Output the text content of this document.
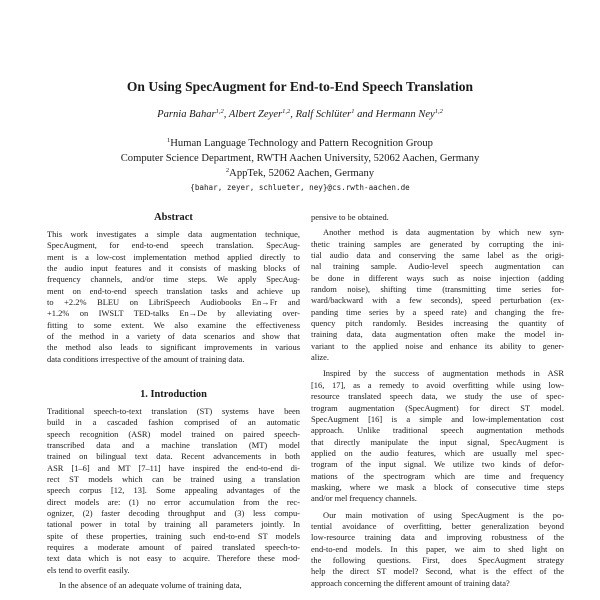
On Using SpecAugment for End-to-End Speech Translation
Parnia Bahar$^{1,2}$, Albert Zeyer$^{1,2}$, Ralf Schlüter$^1$ and Hermann Ney$^{1,2}$
$^1$Human Language Technology and Pattern Recognition Group
Computer Science Department, RWTH Aachen University, 52062 Aachen, Germany
$^2$AppTek, 52062 Aachen, Germany
{bahar, zeyer, schlueter, ney}@cs.rwth-aachen.de
Abstract
This work investigates a simple data augmentation technique,
SpecAugment, for end-to-end speech translation. SpecAug-
ment is a low-cost implementation method applied directly to
the audio input features and it consists of masking blocks of
frequency channels, and/or time steps. We apply SpecAug-
ment on end-to-end speech translation tasks and achieve up
to +2.2% BLEU on LibriSpeech Audiobooks En→Fr and
+1.2% on IWSLT TED-talks En→De by alleviating over-
fitting to some extent. We also examine the effectiveness
of the method in a variety of data scenarios and show that
the method also leads to significant improvements in various
data conditions irrespective of the amount of training data.
1. Introduction
Traditional speech-to-text translation (ST) systems have been
build in a cascaded fashion comprised of an automatic
speech recognition (ASR) model trained on paired speech-
transcribed data and a machine translation (MT) model
trained on bilingual text data. Recent advancements in both
ASR [1–6] and MT [7–11] have inspired the end-to-end di-
rect ST models which can be trained using a translation
speech corpus [12, 13]. Some appealing advantages of the
direct models are: (1) no error accumulation from the rec-
ognizer, (2) faster decoding throughput and (3) less compu-
tational power in total by training all parameters jointly. In
spite of these properties, training such end-to-end ST models
requires a moderate amount of paired translated speech-to-
text data which is not easy to acquire. Therefore these mod-
els tend to overfit easily.
In the absence of an adequate volume of training data,
pensive to be obtained.
Another method is data augmentation by which new syn-
thetic training samples are generated by corrupting the ini-
tial audio data and conserving the same label as the origi-
nal training sample. Audio-level speech augmentation can
be done in different ways such as noise injection (adding
random noise), shifting time (transmitting time series for-
ward/backward with a few seconds), speed perturbation (ex-
panding time series by a speed rate) and changing the fre-
quency pitch randomly. Besides increasing the quantity of
training data, data augmentation often make the model in-
variant to the applied noise and enhance its ability to gener-
alize.
Inspired by the success of augmentation methods in ASR
[16, 17], as a remedy to avoid overfitting while using low-
resource translated speech data, we study the use of spec-
trogram augmentation (SpecAugment) for direct ST model.
SpecAugment [16] is a simple and low-implementation cost
approach. Unlike traditional speech augmentation methods
that directly manipulate the input signal, SpecAugment is
applied on the audio features, which are usually mel spec-
trogram of the input signal. We utilize two kinds of defor-
mations of the spectrogram which are time and frequency
masking, where we mask a block of consecutive time steps
and/or mel frequency channels.
Our main motivation of using SpecAugment is the po-
tential avoidance of overfitting, better generalization beyond
low-resource training data and improving robustness of the
end-to-end models. In this paper, we aim to shed light on
the following questions. First, does SpecAugment strategy
help the direct ST model? Second, what is the effect of the
approach concerning the different amount of training data?
